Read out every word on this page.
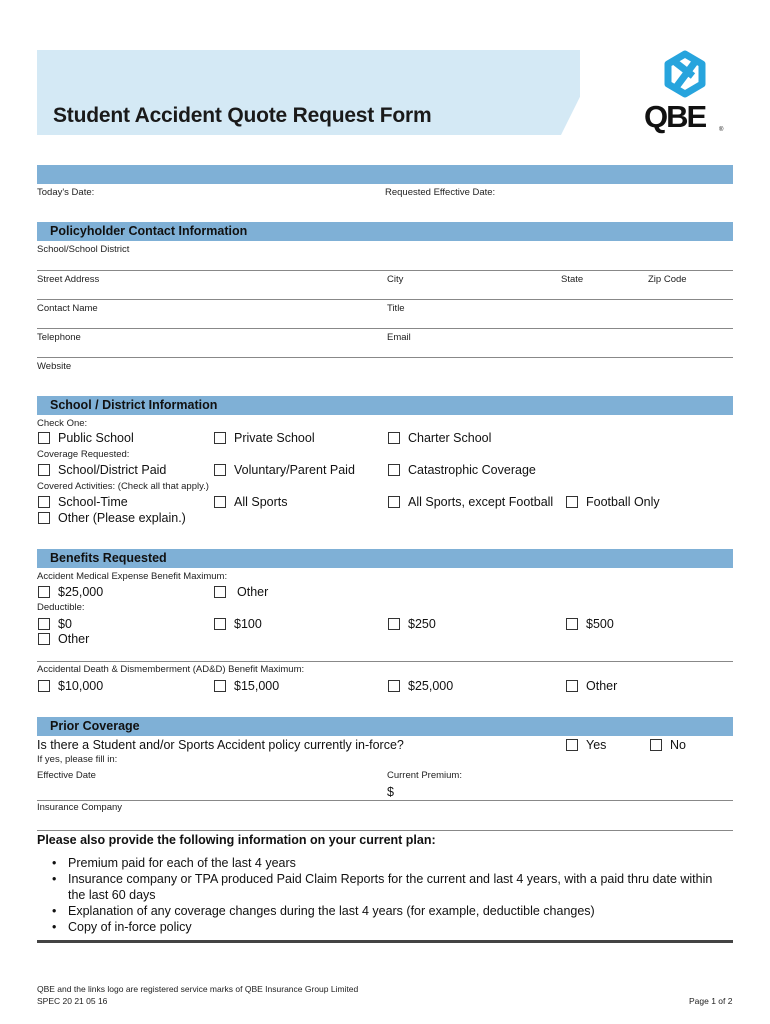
Student Accident Quote Request Form	QBE ®
Today's Date:	Requested Effective Date:
Policyholder Contact Information
School/School District
Street Address	City	State	Zip Code
Contact Name	Title
Telephone	Email
Website
School / District Information
Check One:
Public School	Private School	Charter School
Coverage Requested:
School/District Paid	Voluntary/Parent Paid	Catastrophic Coverage
Covered Activities: (Check all that apply.)
School-Time	All Sports	All Sports, except Football	Football Only
Other (Please explain.)
Benefits Requested
Accident Medical Expense Benefit Maximum:
$25,000	Other
Deductible:
$0	$100	$250	$500
Other
Accidental Death & Dismemberment (AD&D) Benefit Maximum:
$10,000	$15,000	$25,000	Other
Prior Coverage
Is there a Student and/or Sports Accident policy currently in-force?	Yes	No
If yes, please fill in:
Effective Date	Current Premium:
$
Insurance Company
Please also provide the following information on your current plan:
• Premium paid for each of the last 4 years
• Insurance company or TPA produced Paid Claim Reports for the current and last 4 years, with a paid thru date within the last 60 days
• Explanation of any coverage changes during the last 4 years (for example, deductible changes)
• Copy of in-force policy
QBE and the links logo are registered service marks of QBE Insurance Group Limited
SPEC 20 21 05 16	Page 1 of 2
